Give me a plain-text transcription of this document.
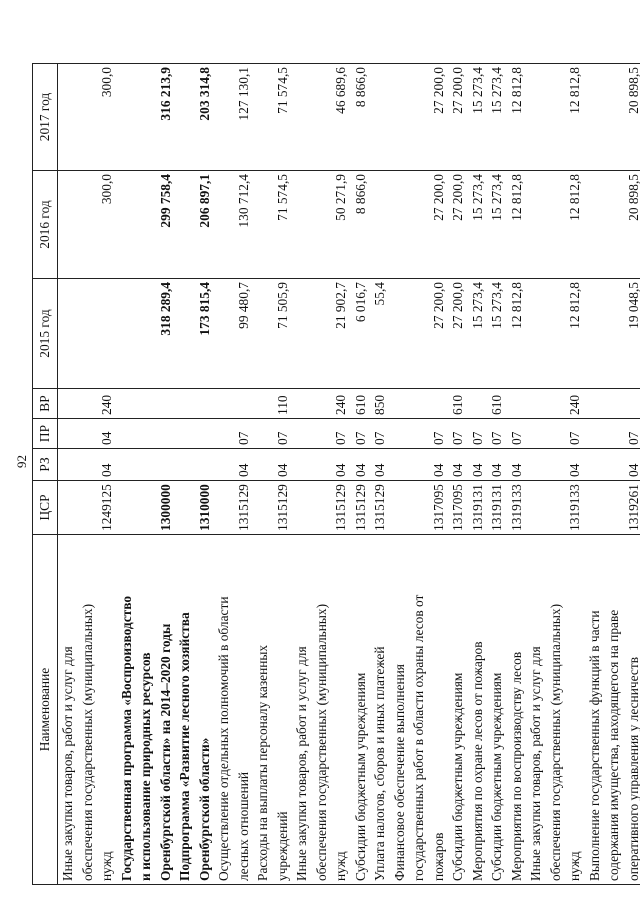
92
Наименование	ЦСР	РЗ	ПР	ВР	2015 год	2016 год	2017 год

Иные закупки товаров, работ и услуг для обеспечения государственных (муниципальных) нужд	1249125	04	04	240		300,0	300,0

Государственная программа «Воспроизводство и использование природных ресурсов Оренбургской области» на 2014–2020 годы	1300000				318 289,4	299 758,4	316 213,9

Подпрограмма «Развитие лесного хозяйства Оренбургской области»	1310000				173 815,4	206 897,1	203 314,8

Осуществление отдельных полномочий в области лесных отношений	1315129	04	07		99 480,7	130 712,4	127 130,1

Расходы на выплаты персоналу казенных учреждений	1315129	04	07	110	71 505,9	71 574,5	71 574,5

Иные закупки товаров, работ и услуг для обеспечения государственных (муниципальных) нужд	1315129	04	07	240	21 902,7	50 271,9	46 689,6

Субсидии бюджетным учреждениям	1315129	04	07	610	6 016,7	8 866,0	8 866,0

Уплата налогов, сборов и иных платежей	1315129	04	07	850	55,4		

Финансовое обеспечение выполнения государственных работ в области охраны лесов от пожаров	1317095	04	07		27 200,0	27 200,0	27 200,0

Субсидии бюджетным учреждениям	1317095	04	07	610	27 200,0	27 200,0	27 200,0

Мероприятия по охране лесов от пожаров	1319131	04	07		15 273,4	15 273,4	15 273,4

Субсидии бюджетным учреждениям	1319131	04	07	610	15 273,4	15 273,4	15 273,4

Мероприятия по воспроизводству лесов	1319133	04	07		12 812,8	12 812,8	12 812,8

Иные закупки товаров, работ и услуг для обеспечения государственных (муниципальных) нужд	1319133	04	07	240	12 812,8	12 812,8	12 812,8

Выполнение государственных функций в части содержания имущества, находящегося на праве оперативного управления у лесничеств	1319261	04	07		19 048,5	20 898,5	20 898,5
